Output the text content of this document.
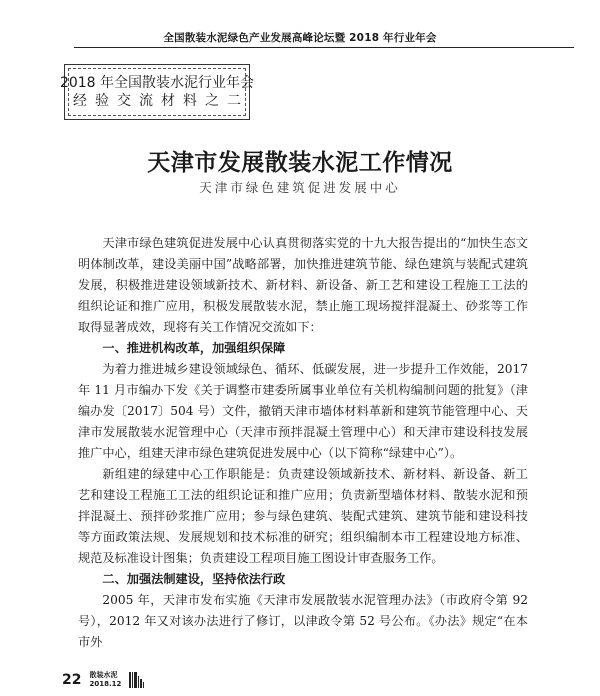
全国散装水泥绿色产业发展高峰论坛暨 2018 年行业年会
2018 年全国散装水泥行业年会
经验交流材料之二
天津市发展散装水泥工作情况
天津市绿色建筑促进发展中心

天津市绿色建筑促进发展中心认真贯彻落实党的十九大报告提出的“加快生态文明体制改革，建设美丽中国”战略部署，加快推进建筑节能、绿色建筑与装配式建筑发展，积极推进建设领域新技术、新材料、新设备、新工艺和建设工程施工工法的组织论证和推广应用，积极发展散装水泥，禁止施工现场搅拌混凝土、砂浆等工作取得显著成效，现将有关工作情况交流如下：

一、推进机构改革，加强组织保障

为着力推进城乡建设领域绿色、循环、低碳发展，进一步提升工作效能，2017 年 11 月市编办下发《关于调整市建委所属事业单位有关机构编制问题的批复》（津编办发〔2017〕504 号）文件，撤销天津市墙体材料革新和建筑节能管理中心、天津市发展散装水泥管理中心（天津市预拌混凝土管理中心）和天津市建设科技发展推广中心，组建天津市绿色建筑促进发展中心（以下简称“绿建中心”）。

新组建的绿建中心工作职能是：负责建设领域新技术、新材料、新设备、新工艺和建设工程施工工法的组织论证和推广应用；负责新型墙体材料、散装水泥和预拌混凝土、预拌砂浆推广应用；参与绿色建筑、装配式建筑、建筑节能和建设科技等方面政策法规、发展规划和技术标准的研究；组织编制本市工程建设地方标准、规范及标准设计图集；负责建设工程项目施工图设计审查服务工作。

二、加强法制建设，坚持依法行政

2005 年，天津市发布实施《天津市发展散装水泥管理办法》（市政府令第 92 号），2012 年又对该办法进行了修订，以津政令第 52 号公布。《办法》规定“在本市外

22 散装水泥
2018.12
